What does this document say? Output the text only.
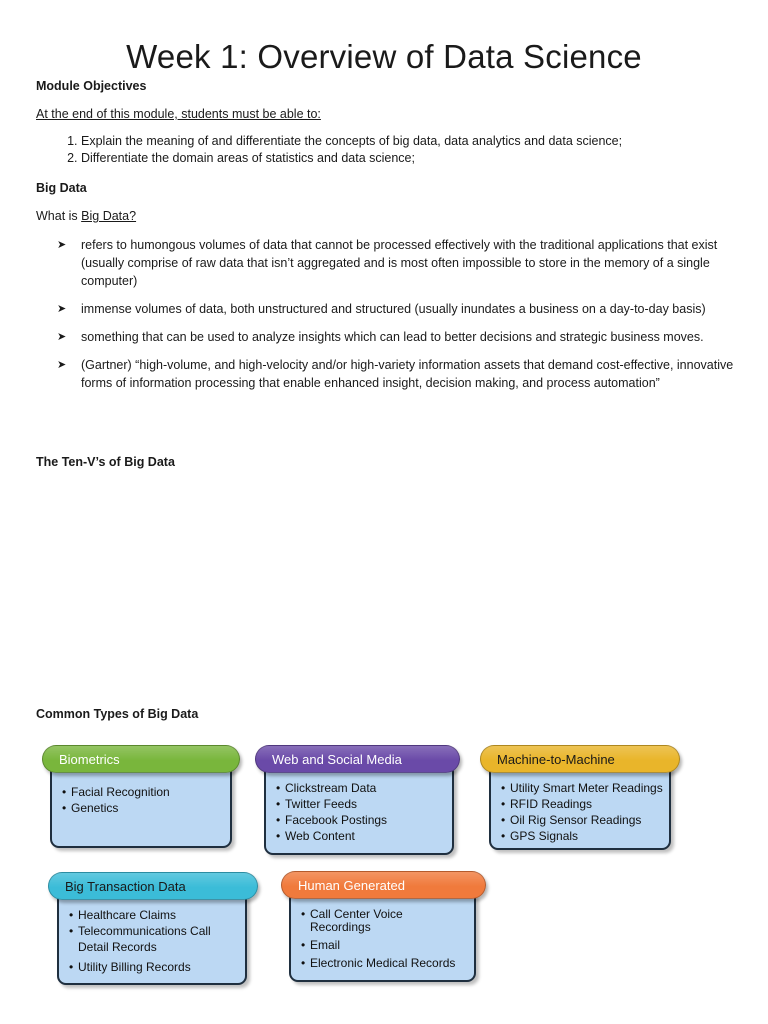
Week 1: Overview of Data Science
Module Objectives
At the end of this module, students must be able to:
1. Explain the meaning of and differentiate the concepts of big data, data analytics and data science;
2. Differentiate the domain areas of statistics and data science;
Big Data
What is Big Data?
➤ refers to humongous volumes of data that cannot be processed effectively with the traditional applications that exist (usually comprise of raw data that isn’t aggregated and is most often impossible to store in the memory of a single computer)
➤ immense volumes of data, both unstructured and structured (usually inundates a business on a day-to-day basis)
➤ something that can be used to analyze insights which can lead to better decisions and strategic business moves.
➤ (Gartner) “high-volume, and high-velocity and/or high-variety information assets that demand cost-effective, innovative forms of information processing that enable enhanced insight, decision making, and process automation”
The Ten-V’s of Big Data
Common Types of Big Data
• Facial Recognition
• Genetics
Biometrics
• Clickstream Data
• Twitter Feeds
• Facebook Postings
• Web Content
Web and Social Media
• Utility Smart Meter Readings
• RFID Readings
• Oil Rig Sensor Readings
• GPS Signals
Machine-to-Machine
• Healthcare Claims
• Telecommunications Call Detail Records
• Utility Billing Records
Big Transaction Data
• Call Center Voice Recordings
• Email
• Electronic Medical Records
Human Generated
